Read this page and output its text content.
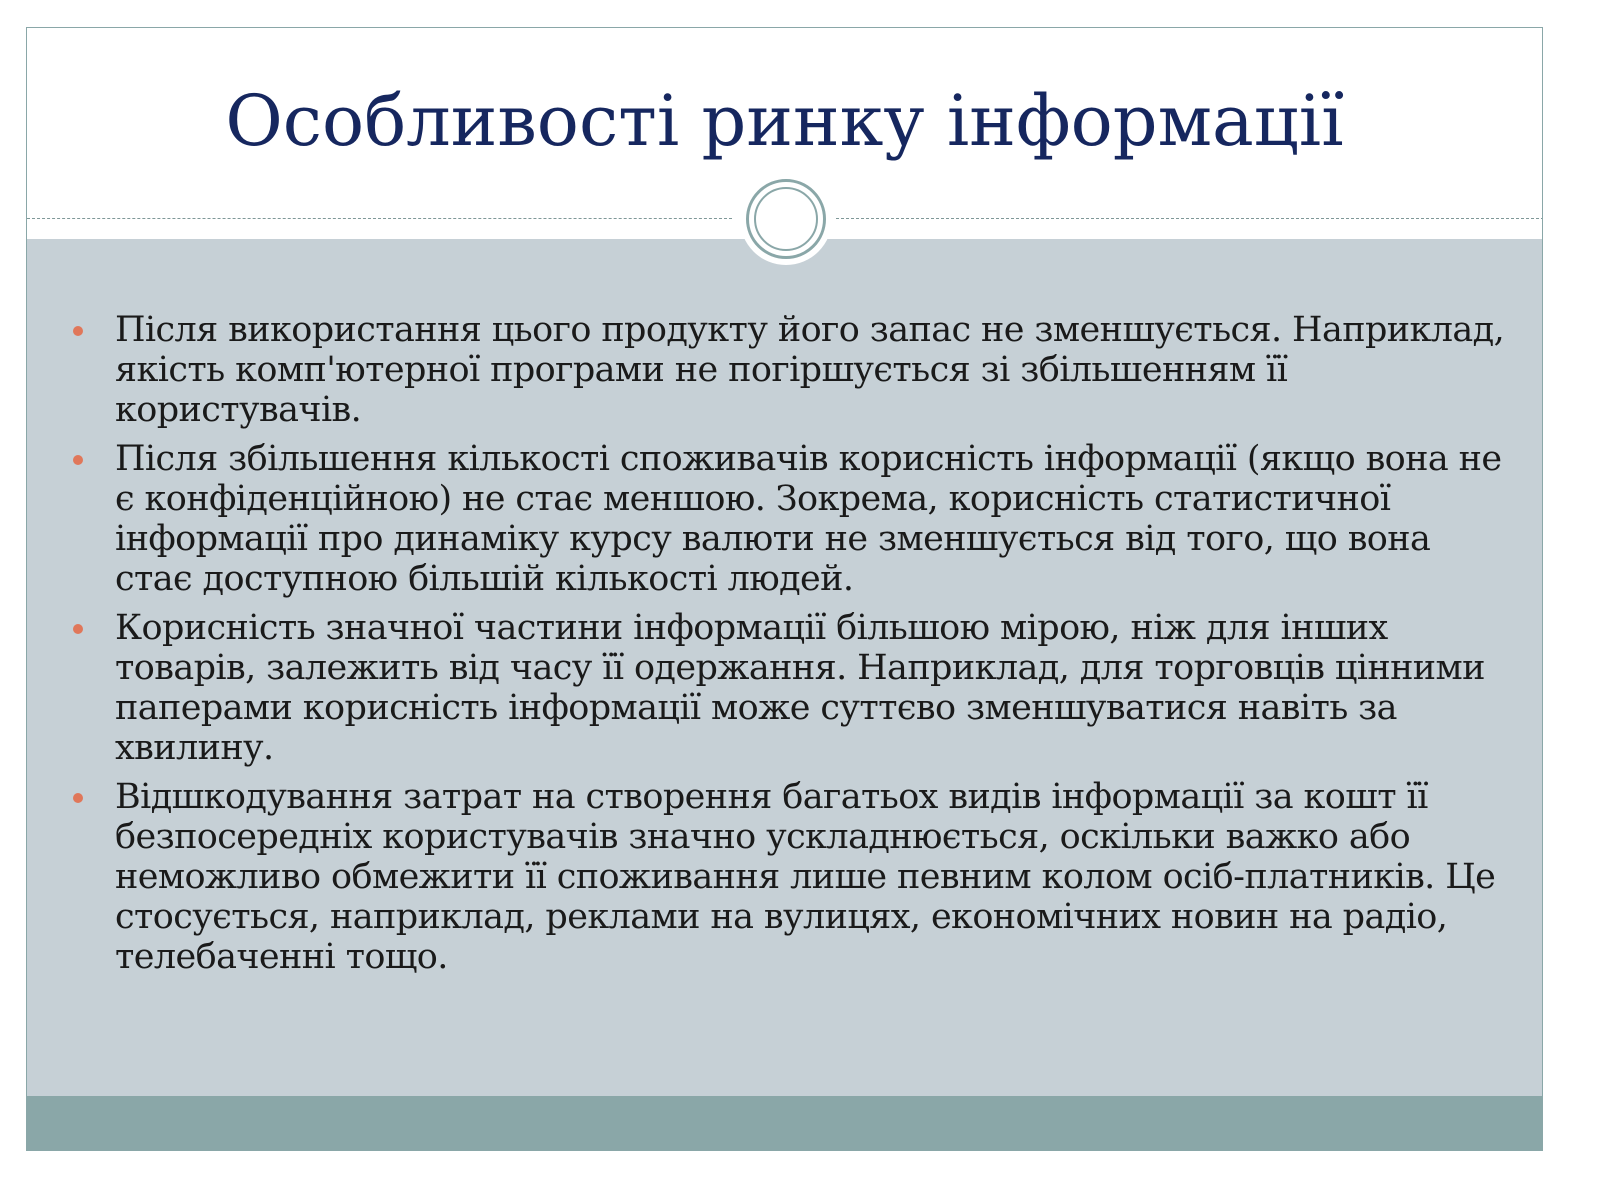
Особливості ринку інформації
Після використання цього продукту його запас не зменшується. Наприклад, якість комп'ютерної програми не погіршується зі збільшенням її користувачів.
Після збільшення кількості споживачів корисність інформації (якщо вона не є конфіденційною) не стає меншою. Зокрема, корисність статистичної інформації про динаміку курсу валюти не зменшується від того, що вона стає доступною більшій кількості людей.
Корисність значної частини інформації більшою мірою, ніж для інших товарів, залежить від часу її одержання. Наприклад, для торговців цінними паперами корисність інформації може суттєво зменшуватися навіть за хвилину.
Відшкодування затрат на створення багатьох видів інформації за кошт її безпосередніх користувачів значно ускладнюється, оскільки важко або неможливо обмежити її споживання лише певним колом осіб-платників. Це стосується, наприклад, реклами на вулицях, економічних новин на радіо, телебаченні тощо.
